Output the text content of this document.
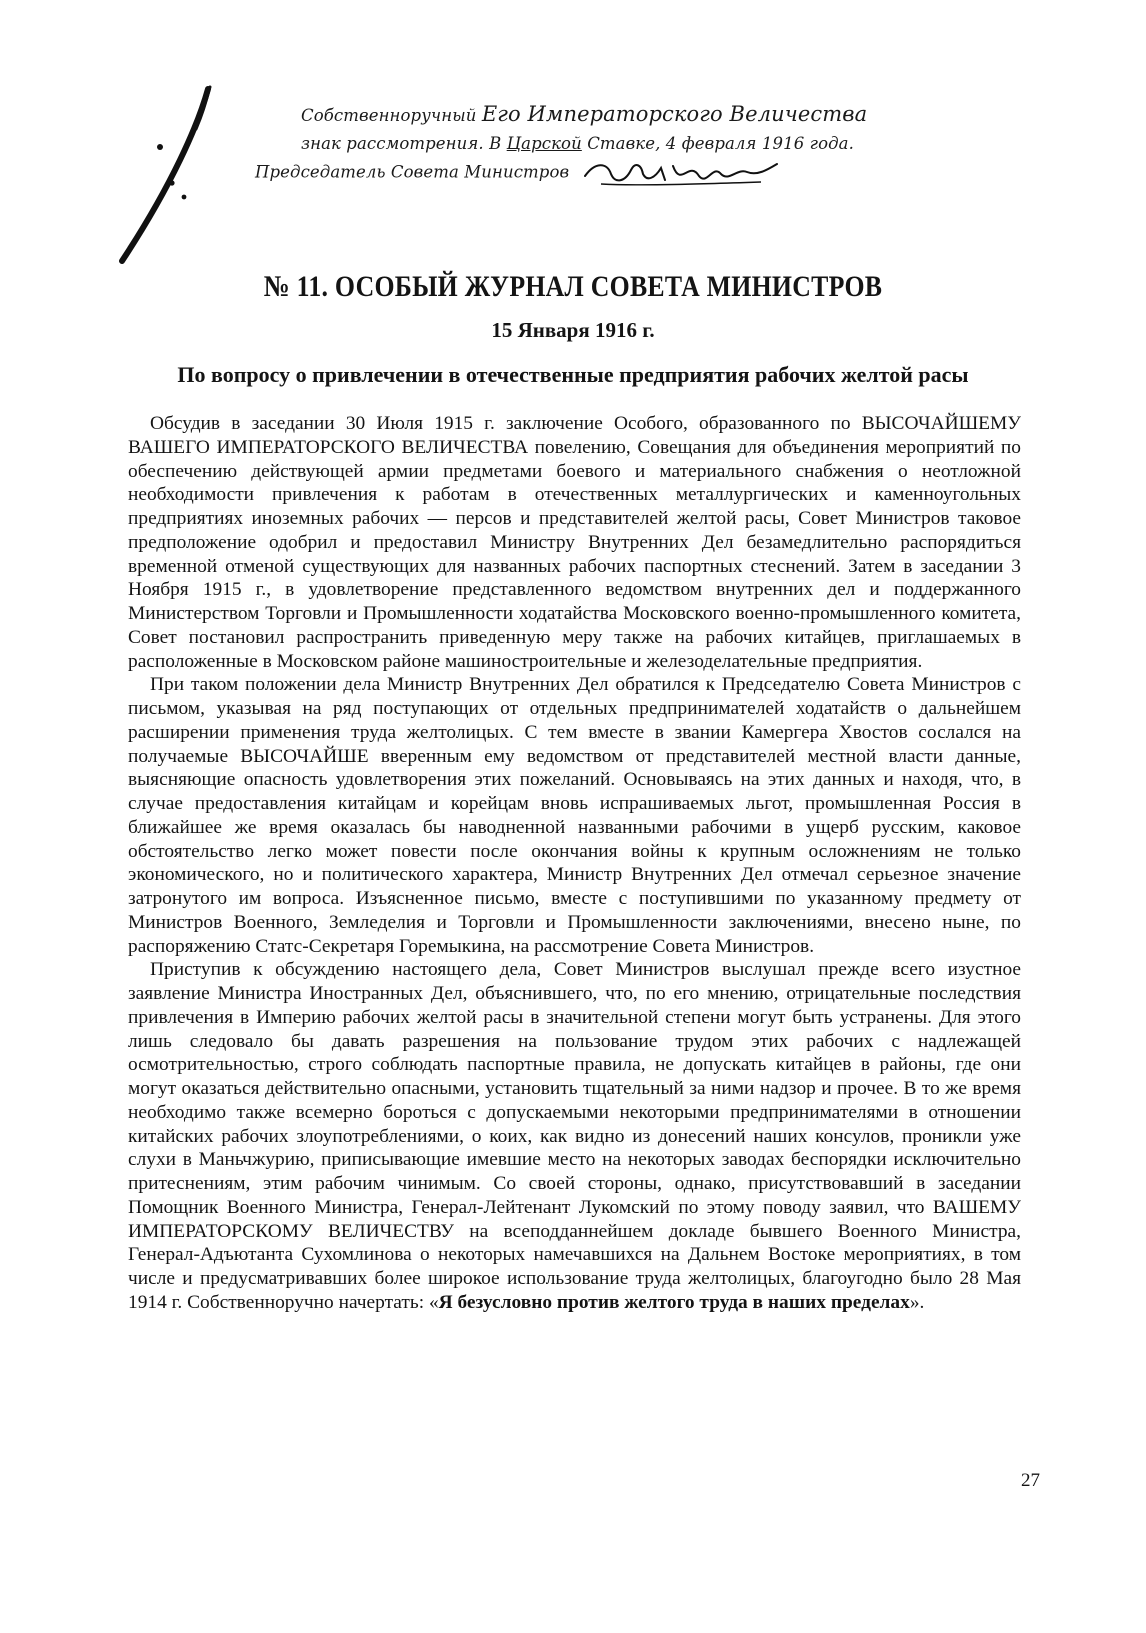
Собственноручный Его Императорского Величества
знак рассмотрения. В Царской Ставке, 4 февраля 1916 года.
Председатель Совета Министров
№ 11. ОСОБЫЙ ЖУРНАЛ СОВЕТА МИНИСТРОВ
15 Января 1916 г.
По вопросу о привлечении в отечественные предприятия рабочих желтой расы

Обсудив в заседании 30 Июля 1915 г. заключение Особого, образованного по ВЫСОЧАЙШЕМУ ВАШЕГО ИМПЕРАТОРСКОГО ВЕЛИЧЕСТВА повелению, Совещания для объединения мероприятий по обеспечению действующей армии предметами боевого и материального снабжения о неотложной необходимости привлечения к работам в отечественных металлургических и каменноугольных предприятиях иноземных рабочих — персов и представителей желтой расы, Совет Министров таковое предположение одобрил и предоставил Министру Внутренних Дел безамедлительно распорядиться временной отменой существующих для названных рабочих паспортных стеснений. Затем в заседании 3 Ноября 1915 г., в удовлетворение представленного ведомством внутренних дел и поддержанного Министерством Торговли и Промышленности ходатайства Московского военно-промышленного комитета, Совет постановил распространить приведенную меру также на рабочих китайцев, приглашаемых в расположенные в Московском районе машиностроительные и железоделательные предприятия.

При таком положении дела Министр Внутренних Дел обратился к Председателю Совета Министров с письмом, указывая на ряд поступающих от отдельных предпринимателей ходатайств о дальнейшем расширении применения труда желтолицых. С тем вместе в звании Камергера Хвостов сослался на получаемые ВЫСОЧАЙШЕ вверенным ему ведомством от представителей местной власти данные, выясняющие опасность удовлетворения этих пожеланий. Основываясь на этих данных и находя, что, в случае предоставления китайцам и корейцам вновь испрашиваемых льгот, промышленная Россия в ближайшее же время оказалась бы наводненной названными рабочими в ущерб русским, каковое обстоятельство легко может повести после окончания войны к крупным осложнениям не только экономического, но и политического характера, Министр Внутренних Дел отмечал серьезное значение затронутого им вопроса. Изъясненное письмо, вместе с поступившими по указанному предмету от Министров Военного, Земледелия и Торговли и Промышленности заключениями, внесено ныне, по распоряжению Статс-Секретаря Горемыкина, на рассмотрение Совета Министров.

Приступив к обсуждению настоящего дела, Совет Министров выслушал прежде всего изустное заявление Министра Иностранных Дел, объяснившего, что, по его мнению, отрицательные последствия привлечения в Империю рабочих желтой расы в значительной степени могут быть устранены. Для этого лишь следовало бы давать разрешения на пользование трудом этих рабочих с надлежащей осмотрительностью, строго соблюдать паспортные правила, не допускать китайцев в районы, где они могут оказаться действительно опасными, установить тщательный за ними надзор и прочее. В то же время необходимо также всемерно бороться с допускаемыми некоторыми предпринимателями в отношении китайских рабочих злоупотреблениями, о коих, как видно из донесений наших консулов, проникли уже слухи в Маньчжурию, приписывающие имевшие место на некоторых заводах беспорядки исключительно притеснениям, этим рабочим чинимым. Со своей стороны, однако, присутствовавший в заседании Помощник Военного Министра, Генерал-Лейтенант Лукомский по этому поводу заявил, что ВАШЕМУ ИМПЕРАТОРСКОМУ ВЕЛИЧЕСТВУ на всеподданнейшем докладе бывшего Военного Министра, Генерал-Адъютанта Сухомлинова о некоторых намечавшихся на Дальнем Востоке мероприятиях, в том числе и предусматривавших более широкое использование труда желтолицых, благоугодно было 28 Мая 1914 г. Собственноручно начертать: «Я безусловно против желтого труда в наших пределах».

27
